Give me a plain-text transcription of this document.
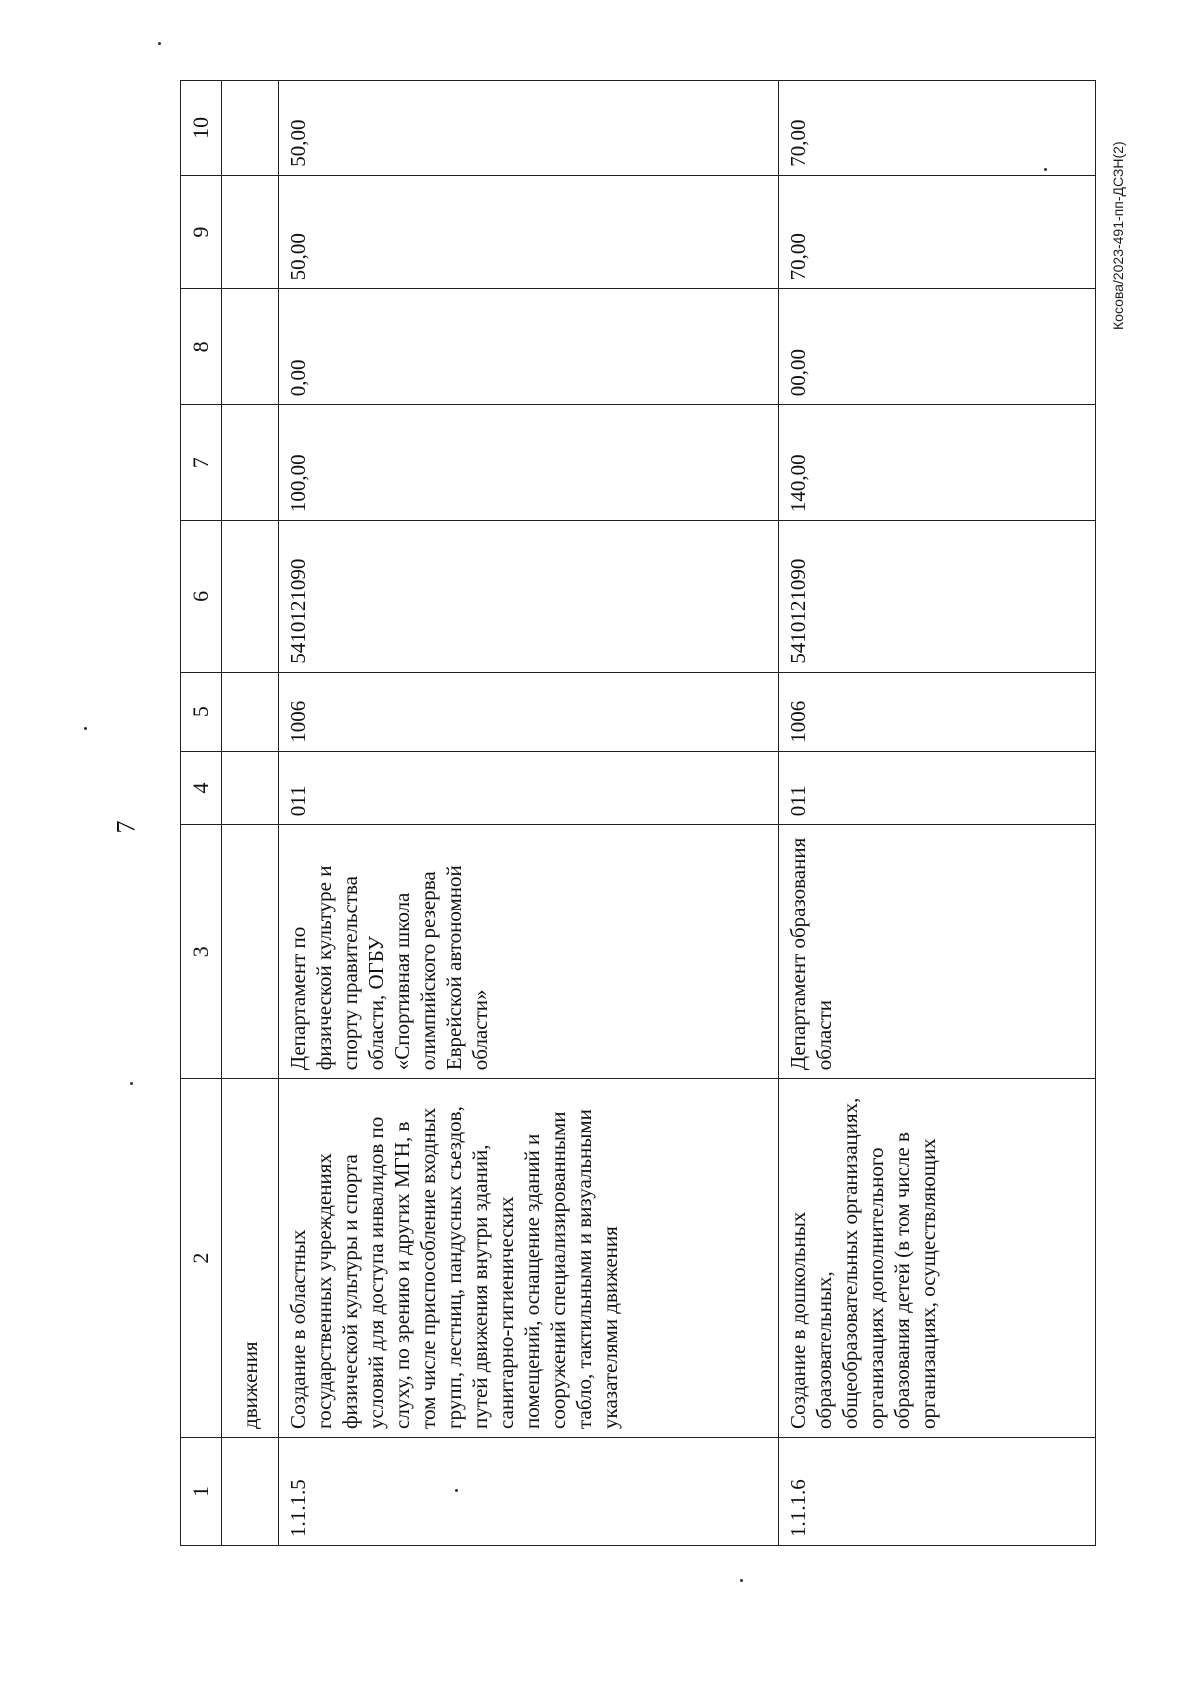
7
Косова/2023-491-пп-ДСЗН(2)
1	2	3	4	5	6	7	8	9	10
	движения								
1.1.1.5	Создание в областных государственных учреждениях физической культуры и спорта условий для доступа инвалидов по слуху, по зрению и других МГН, в том числе приспособление входных групп, лестниц, пандусных съездов, путей движения внутри зданий, санитарно-гигиенических помещений, оснащение зданий и сооружений специализированными табло, тактильными и визуальными указателями движения	Департамент по физической культуре и спорту правительства области, ОГБУ «Спортивная школа олимпийского резерва Еврейской автономной области»	011	1006	5410121090	100,00	0,00	50,00	50,00
1.1.1.6	Создание в дошкольных образовательных, общеобразовательных организациях, организациях дополнительного образования детей (в том числе в организациях, осуществляющих	Департамент образования области	011	1006	5410121090	140,00	00,00	70,00	70,00
